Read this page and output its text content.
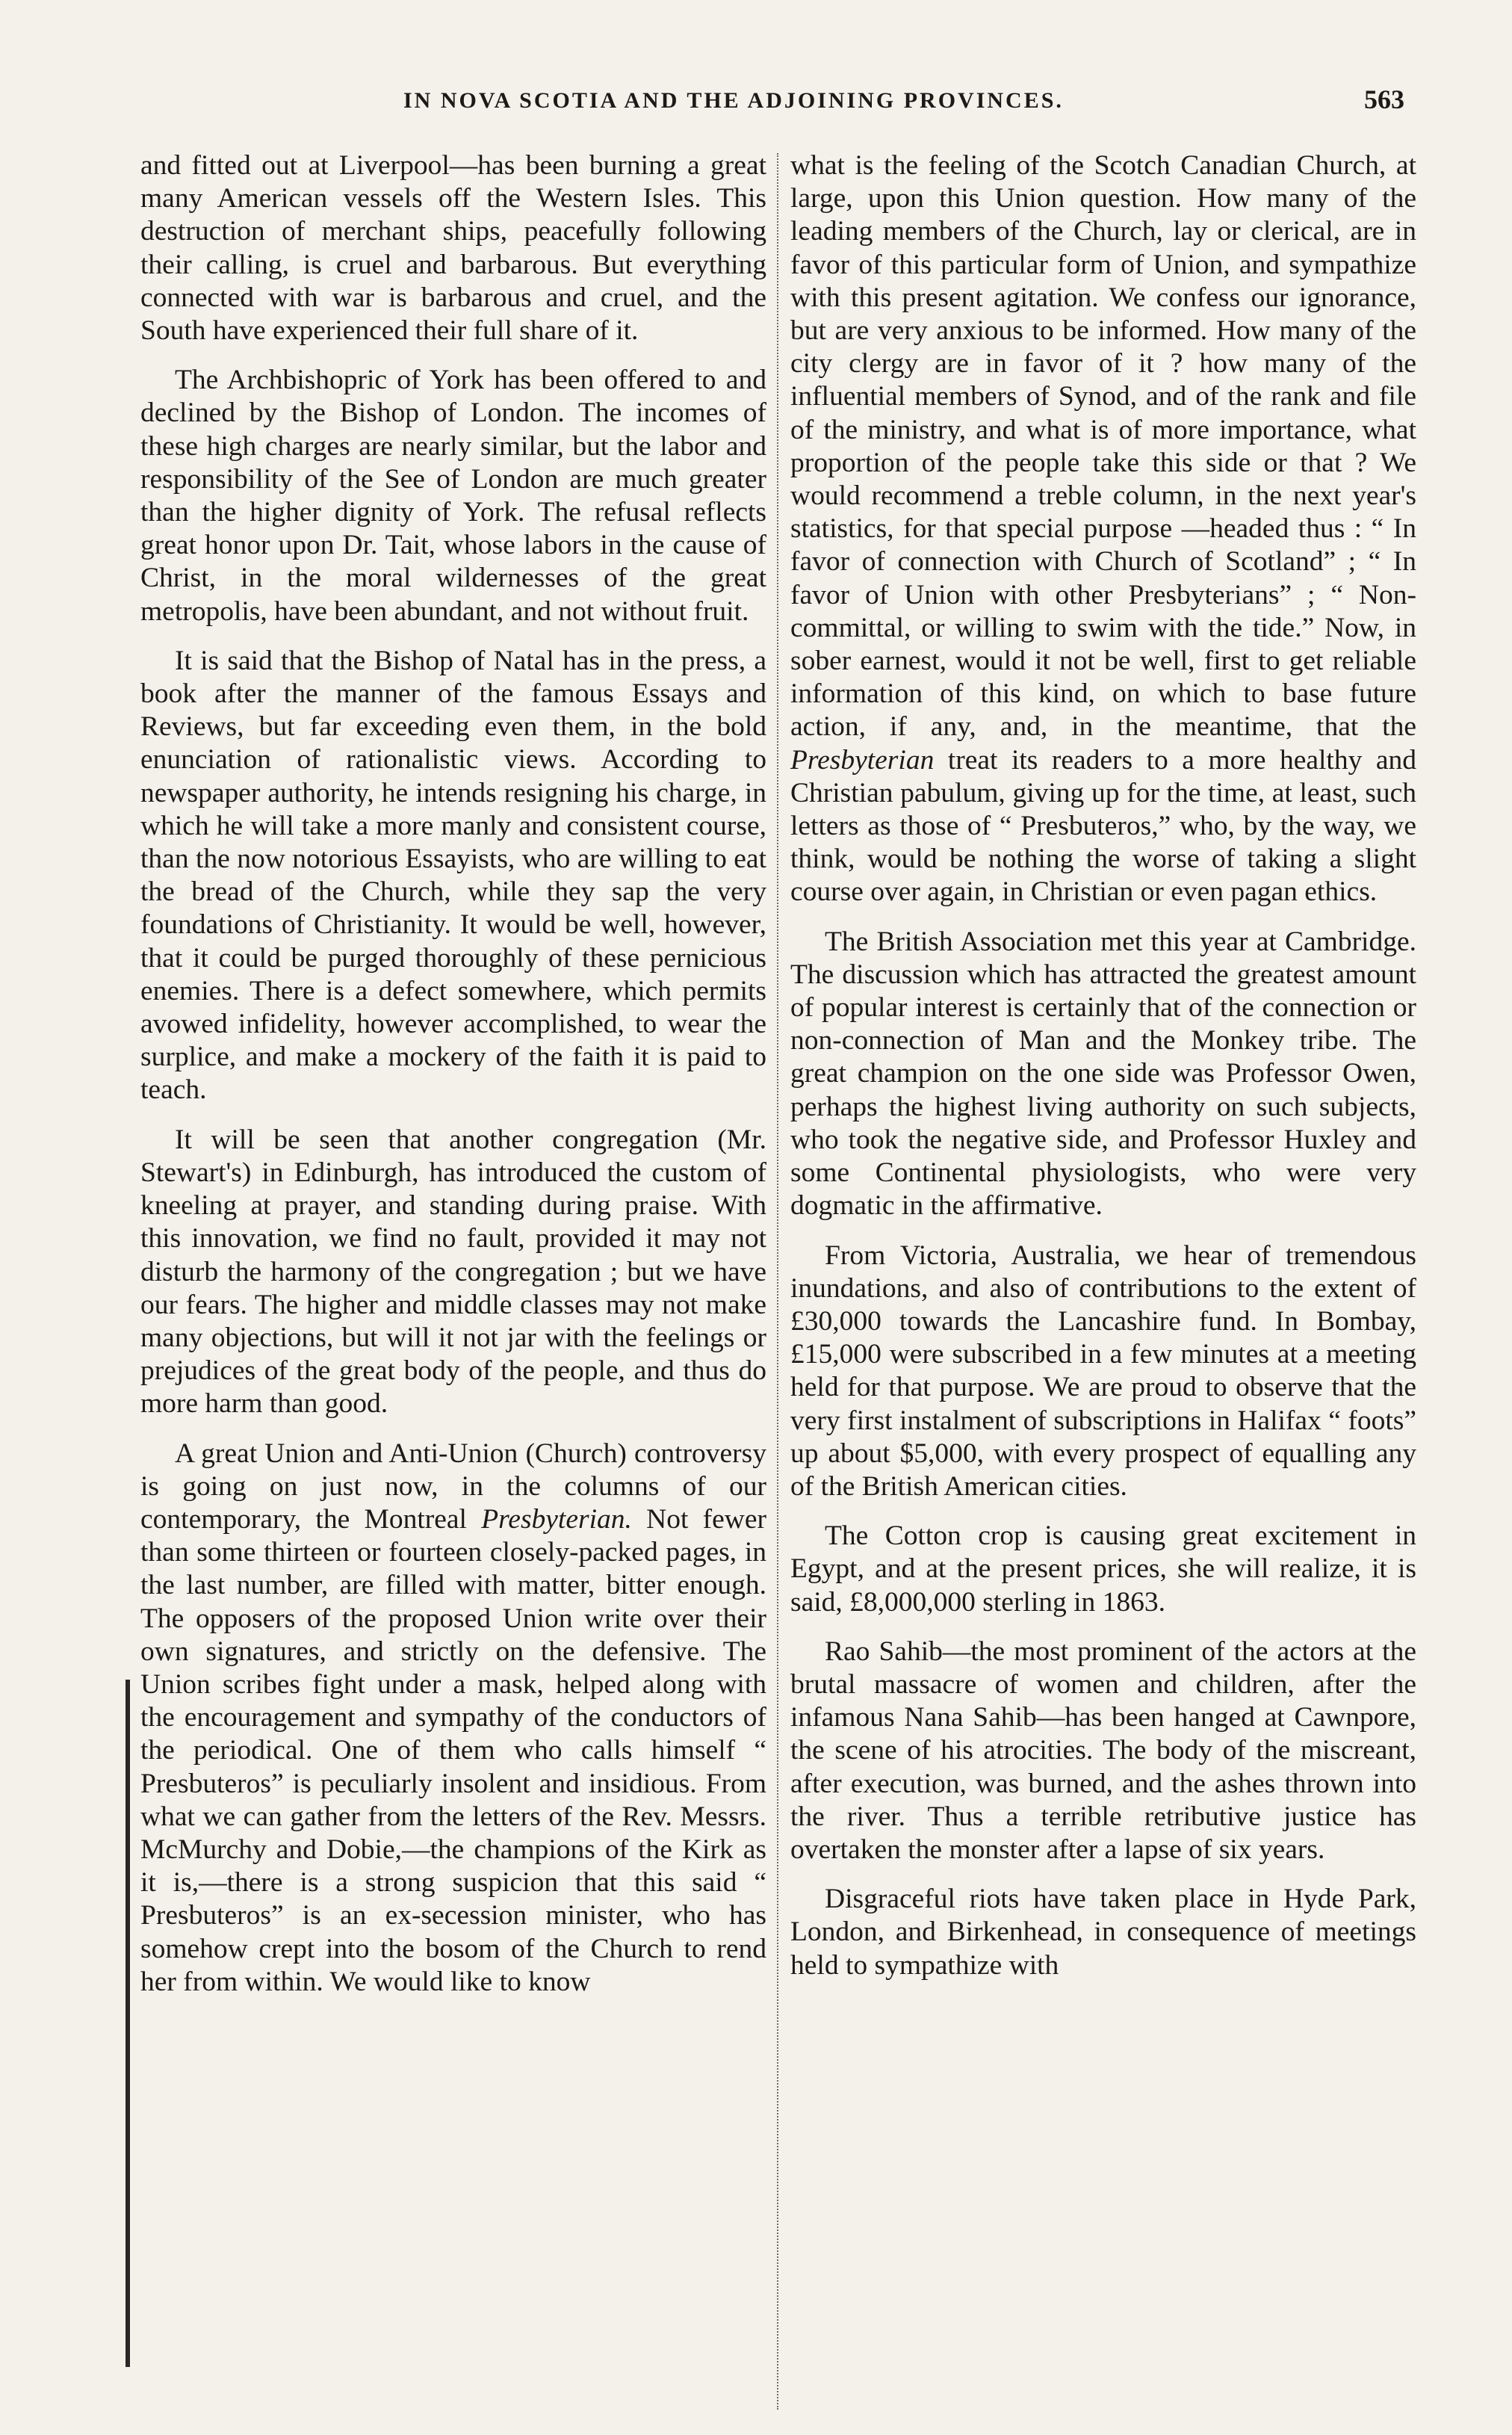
IN NOVA SCOTIA AND THE ADJOINING PROVINCES.	563

and fitted out at Liverpool—has been burning a great many American vessels off the Western Isles. This destruction of merchant ships, peacefully following their calling, is cruel and barbarous. But everything connected with war is barbarous and cruel, and the South have experienced their full share of it.

The Archbishopric of York has been offered to and declined by the Bishop of London. The incomes of these high charges are nearly similar, but the labor and responsibility of the See of London are much greater than the higher dignity of York. The refusal reflects great honor upon Dr. Tait, whose labors in the cause of Christ, in the moral wildernesses of the great metropolis, have been abundant, and not without fruit.

It is said that the Bishop of Natal has in the press, a book after the manner of the famous Essays and Reviews, but far exceeding even them, in the bold enunciation of rationalistic views. According to newspaper authority, he intends resigning his charge, in which he will take a more manly and consistent course, than the now notorious Essayists, who are willing to eat the bread of the Church, while they sap the very foundations of Christianity. It would be well, however, that it could be purged thoroughly of these pernicious enemies. There is a defect somewhere, which permits avowed infidelity, however accomplished, to wear the surplice, and make a mockery of the faith it is paid to teach.

It will be seen that another congregation (Mr. Stewart's) in Edinburgh, has introduced the custom of kneeling at prayer, and standing during praise. With this innovation, we find no fault, provided it may not disturb the harmony of the congregation ; but we have our fears. The higher and middle classes may not make many objections, but will it not jar with the feelings or prejudices of the great body of the people, and thus do more harm than good.

A great Union and Anti-Union (Church) controversy is going on just now, in the columns of our contemporary, the Montreal Presbyterian. Not fewer than some thirteen or fourteen closely-packed pages, in the last number, are filled with matter, bitter enough. The opposers of the proposed Union write over their own signatures, and strictly on the defensive. The Union scribes fight under a mask, helped along with the encouragement and sympathy of the conductors of the periodical. One of them who calls himself “ Presbuteros” is peculiarly insolent and insidious. From what we can gather from the letters of the Rev. Messrs. McMurchy and Dobie,—the champions of the Kirk as it is,—there is a strong suspicion that this said “ Presbuteros” is an ex-secession minister, who has somehow crept into the bosom of the Church to rend her from within. We would like to know

what is the feeling of the Scotch Canadian Church, at large, upon this Union question. How many of the leading members of the Church, lay or clerical, are in favor of this particular form of Union, and sympathize with this present agitation. We confess our ignorance, but are very anxious to be informed. How many of the city clergy are in favor of it ? how many of the influential members of Synod, and of the rank and file of the ministry, and what is of more importance, what proportion of the people take this side or that ? We would recommend a treble column, in the next year's statistics, for that special purpose —headed thus : “ In favor of connection with Church of Scotland” ; “ In favor of Union with other Presbyterians” ; “ Non-committal, or willing to swim with the tide.” Now, in sober earnest, would it not be well, first to get reliable information of this kind, on which to base future action, if any, and, in the meantime, that the Presbyterian treat its readers to a more healthy and Christian pabulum, giving up for the time, at least, such letters as those of “ Presbuteros,” who, by the way, we think, would be nothing the worse of taking a slight course over again, in Christian or even pagan ethics.

The British Association met this year at Cambridge. The discussion which has attracted the greatest amount of popular interest is certainly that of the connection or non-connection of Man and the Monkey tribe. The great champion on the one side was Professor Owen, perhaps the highest living authority on such subjects, who took the negative side, and Professor Huxley and some Continental physiologists, who were very dogmatic in the affirmative.

From Victoria, Australia, we hear of tremendous inundations, and also of contributions to the extent of £30,000 towards the Lancashire fund. In Bombay, £15,000 were subscribed in a few minutes at a meeting held for that purpose. We are proud to observe that the very first instalment of subscriptions in Halifax “ foots” up about $5,000, with every prospect of equalling any of the British American cities.

The Cotton crop is causing great excitement in Egypt, and at the present prices, she will realize, it is said, £8,000,000 sterling in 1863.

Rao Sahib—the most prominent of the actors at the brutal massacre of women and children, after the infamous Nana Sahib—has been hanged at Cawnpore, the scene of his atrocities. The body of the miscreant, after execution, was burned, and the ashes thrown into the river. Thus a terrible retributive justice has overtaken the monster after a lapse of six years.

Disgraceful riots have taken place in Hyde Park, London, and Birkenhead, in consequence of meetings held to sympathize with
